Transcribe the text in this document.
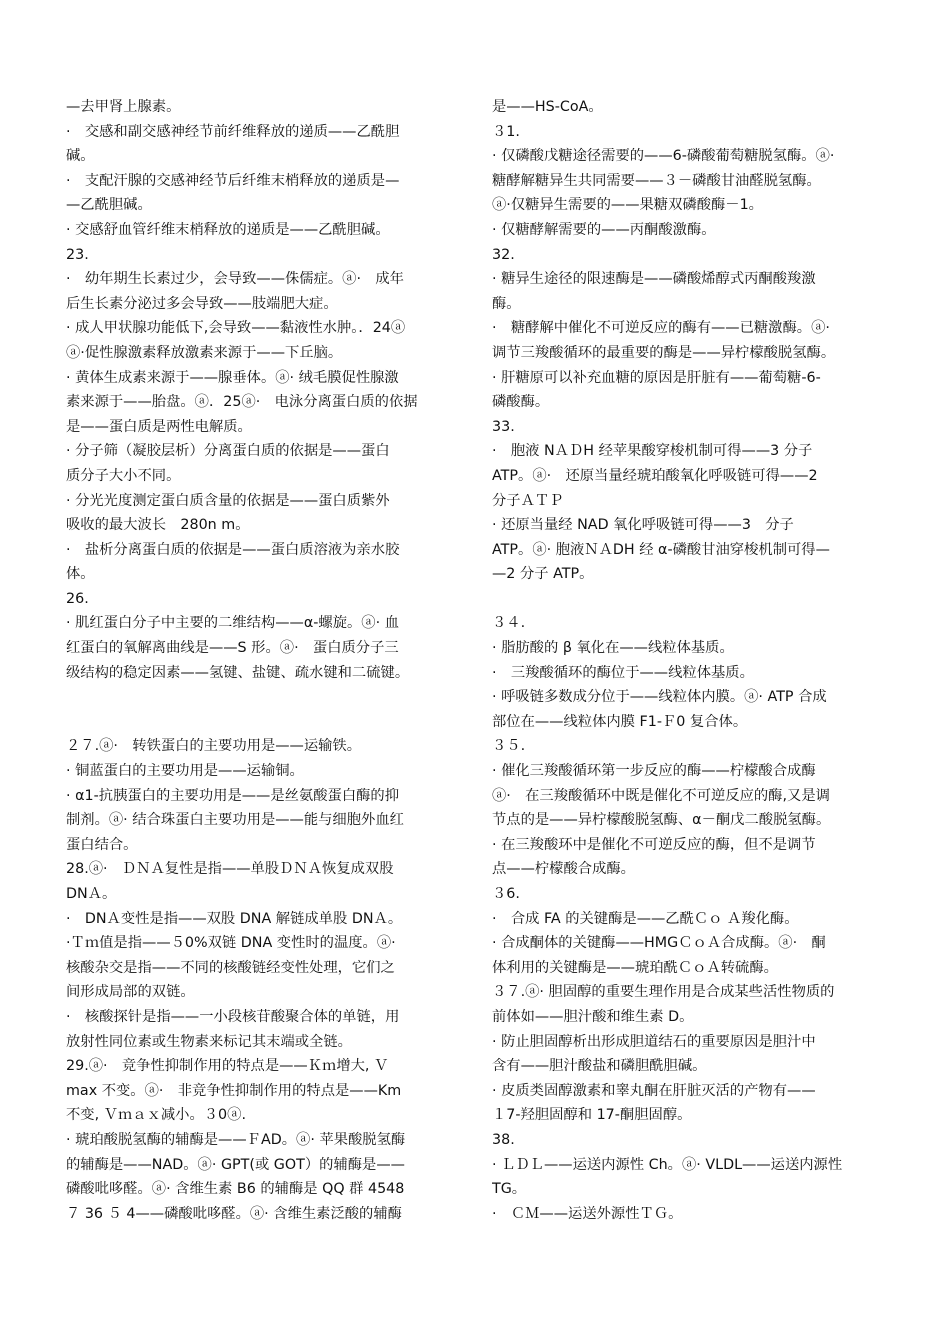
—去甲肾上腺素。
·　交感和副交感神经节前纤维释放的递质——乙酰胆
碱。
·　支配汗腺的交感神经节后纤维末梢释放的递质是—
—乙酰胆碱。
· 交感舒血管纤维末梢释放的递质是——乙酰胆碱。
23.
·　幼年期生长素过少，会导致——侏儒症。ⓐ·　成年
后生长素分泌过多会导致——肢端肥大症。
· 成人甲状腺功能低下,会导致——黏液性水肿。．24ⓐ
ⓐ·促性腺激素释放激素来源于——下丘脑。
· 黄体生成素来源于——腺垂体。ⓐ· 绒毛膜促性腺激
素来源于——胎盘。ⓐ．25ⓐ·　电泳分离蛋白质的依据
是——蛋白质是两性电解质。
· 分子筛（凝胶层析）分离蛋白质的依据是——蛋白
质分子大小不同。
· 分光光度测定蛋白质含量的依据是——蛋白质紫外
吸收的最大波长　280n m。
·　盐析分离蛋白质的依据是——蛋白质溶液为亲水胶
体。
26.
· 肌红蛋白分子中主要的二维结构——α-螺旋。ⓐ· 血
红蛋白的氧解离曲线是——S 形。ⓐ·　蛋白质分子三
级结构的稳定因素——氢键、盐键、疏水键和二硫键。
２７.ⓐ·　转铁蛋白的主要功用是——运输铁。
· 铜蓝蛋白的主要功用是——运输铜。
· α1-抗胰蛋白的主要功用是——是丝氨酸蛋白酶的抑
制剂。ⓐ· 结合珠蛋白主要功用是——能与细胞外血红
蛋白结合。
28.ⓐ·　ＤＮＡ复性是指——单股ＤＮＡ恢复成双股
DNＡ。
·　DNＡ变性是指——双股 DNA 解链成单股 DNＡ。
·Ｔｍ值是指——５0%双链 DNA 变性时的温度。ⓐ·
核酸杂交是指——不同的核酸链经变性处理，它们之
间形成局部的双链。
·　核酸探针是指——一小段核苷酸聚合体的单链，用
放射性同位素或生物素来标记其末端或全链。
29.ⓐ·　竞争性抑制作用的特点是——Ｋｍ增大, Ｖ
max 不变。ⓐ·　非竞争性抑制作用的特点是——Km
不变, Ｖｍａｘ减小。３0ⓐ.
· 琥珀酸脱氢酶的辅酶是——ＦAD。ⓐ· 苹果酸脱氢酶
的辅酶是——NAD。ⓐ· GPT(或 GOT）的辅酶是——
磷酸吡哆醛。ⓐ· 含维生素 B6 的辅酶是 QQ 群 4548
７ 36 ５ 4——磷酸吡哆醛。ⓐ· 含维生素泛酸的辅酶
是——HS-CoA。
３1.
· 仅磷酸戊糖途径需要的——6-磷酸葡萄糖脱氢酶。ⓐ·
糖酵解糖异生共同需要——３－磷酸甘油醛脱氢酶。
ⓐ·仅糖异生需要的——果糖双磷酸酶－1。
· 仅糖酵解需要的——丙酮酸激酶。
32.
· 糖异生途径的限速酶是——磷酸烯醇式丙酮酸羧激
酶。
·　糖酵解中催化不可逆反应的酶有——已糖激酶。ⓐ·
调节三羧酸循环的最重要的酶是——异柠檬酸脱氢酶。
· 肝糖原可以补充血糖的原因是肝脏有——葡萄糖-6-
磷酸酶。
33.
·　胞液 NＡＤH 经苹果酸穿梭机制可得——3 分子
ATP。ⓐ·　还原当量经琥珀酸氧化呼吸链可得——2
分子ＡＴＰ
· 还原当量经 NAD 氧化呼吸链可得——3　分子
ATP。ⓐ· 胞液ＮＡDH 经 α-磷酸甘油穿梭机制可得—
—2 分子 ATP。
３４.
· 脂肪酸的 β 氧化在——线粒体基质。
·　三羧酸循环的酶位于——线粒体基质。
· 呼吸链多数成分位于——线粒体内膜。ⓐ· ATP 合成
部位在——线粒体内膜 F1-Ｆ0 复合体。
３５.
· 催化三羧酸循环第一步反应的酶——柠檬酸合成酶
ⓐ·　在三羧酸循环中既是催化不可逆反应的酶,又是调
节点的是——异柠檬酸脱氢酶、α－酮戊二酸脱氢酶。
· 在三羧酸环中是催化不可逆反应的酶，但不是调节
点——柠檬酸合成酶。
３6.
·　合成 FA 的关键酶是——乙酰Ｃｏ Ａ羧化酶。
· 合成酮体的关键酶——HMGＣｏＡ合成酶。ⓐ·　酮
体利用的关键酶是——琥珀酰ＣｏＡ转硫酶。
３７.ⓐ· 胆固醇的重要生理作用是合成某些活性物质的
前体如——胆汁酸和维生素 D。
· 防止胆固醇析出形成胆道结石的重要原因是胆汁中
含有——胆汁酸盐和磷胆酰胆碱。
· 皮质类固醇激素和睾丸酮在肝脏灭活的产物有——
１7-羟胆固醇和 17-酮胆固醇。
38.
· ＬＤＬ——运送内源性 Ch。ⓐ· VLDL——运送内源性
TG。
·　ＣＭ——运送外源性ＴＧ。
